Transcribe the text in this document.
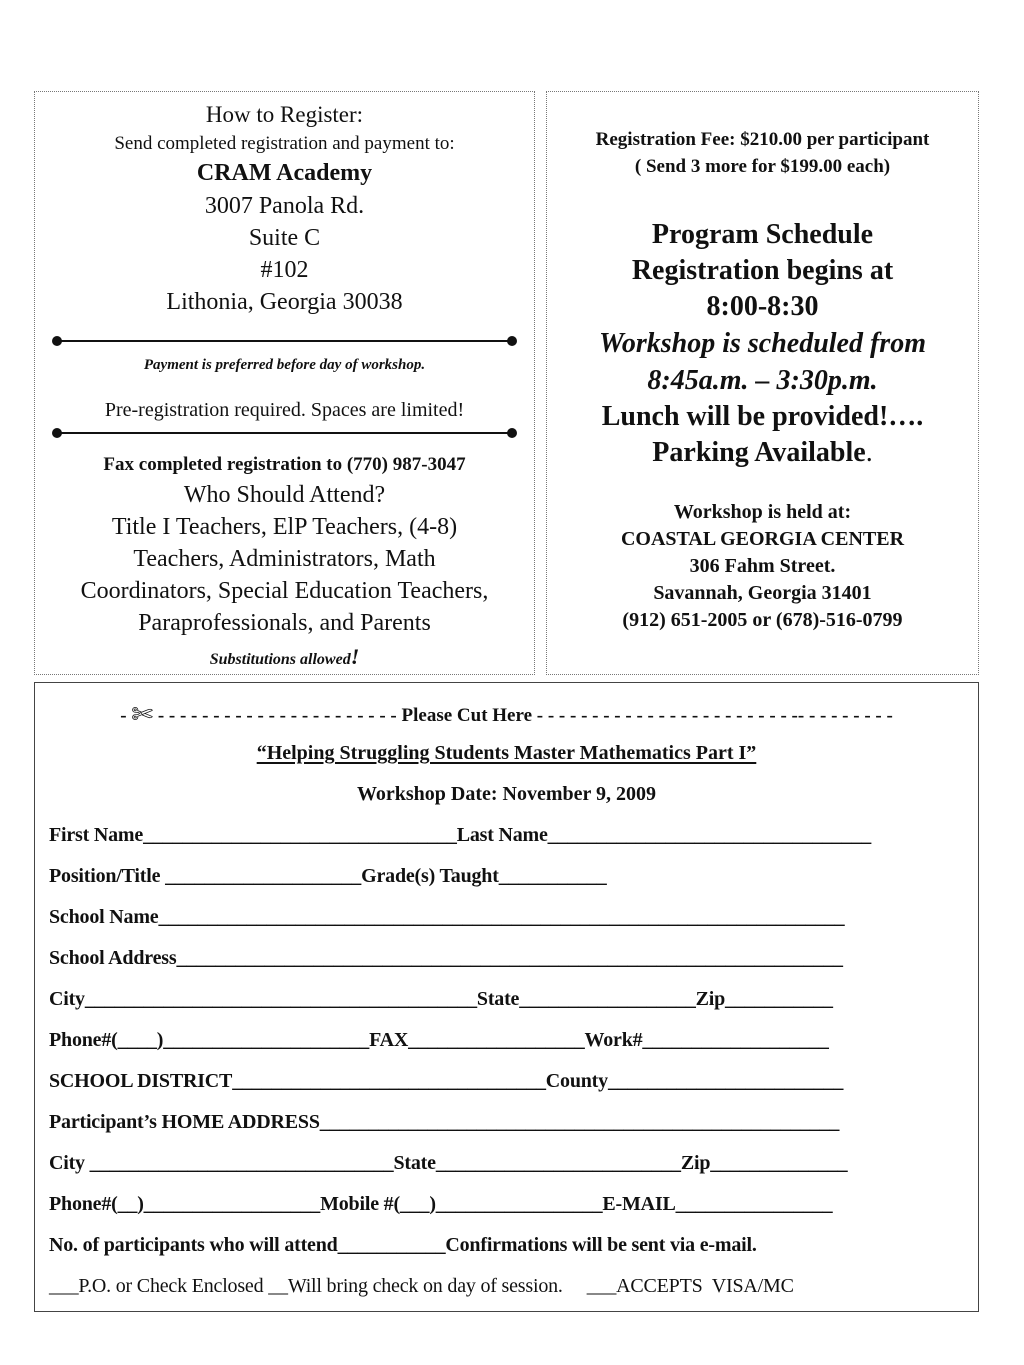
How to Register:
Send completed registration and payment to:
CRAM Academy
3007 Panola Rd.
Suite C
#102
Lithonia, Georgia 30038
Payment is preferred before day of workshop.
Pre-registration required. Spaces are limited!
Fax completed registration to (770) 987-3047
Who Should Attend?
Title I Teachers, ElP Teachers, (4-8)
Teachers, Administrators, Math
Coordinators, Special Education Teachers,
Paraprofessionals, and Parents
Substitutions allowed!
Registration Fee: $210.00 per participant
( Send 3 more for $199.00 each)
Program Schedule
Registration begins at
8:00-8:30
Workshop is scheduled from
8:45a.m. – 3:30p.m.
Lunch will be provided!….
Parking Available.
Workshop is held at:
COASTAL GEORGIA CENTER
306 Fahm Street.
Savannah, Georgia 31401
(912) 651-2005 or (678)-516-0799
- ✄ - - - - - - - - - - - - - - - - - - - - - - Please Cut Here - - - - - - - - - - - - - - - - - - - - - - - -- - - - - - - - -
“Helping Struggling Students Master Mathematics Part I”
Workshop Date: November 9, 2009
First Name________________________________Last Name_________________________________
Position/Title ____________________Grade(s) Taught___________
School Name______________________________________________________________________
School Address____________________________________________________________________
City________________________________________State__________________Zip___________
Phone#(____)_____________________FAX__________________Work#___________________
SCHOOL DISTRICT________________________________County________________________
Participant’s HOME ADDRESS_____________________________________________________
City _______________________________State_________________________Zip______________
Phone#(__)__________________Mobile #(___)_________________E-MAIL________________
No. of participants who will attend___________Confirmations will be sent via e-mail.
___P.O. or Check Enclosed __Will bring check on day of session.     ___ACCEPTS  VISA/MC
